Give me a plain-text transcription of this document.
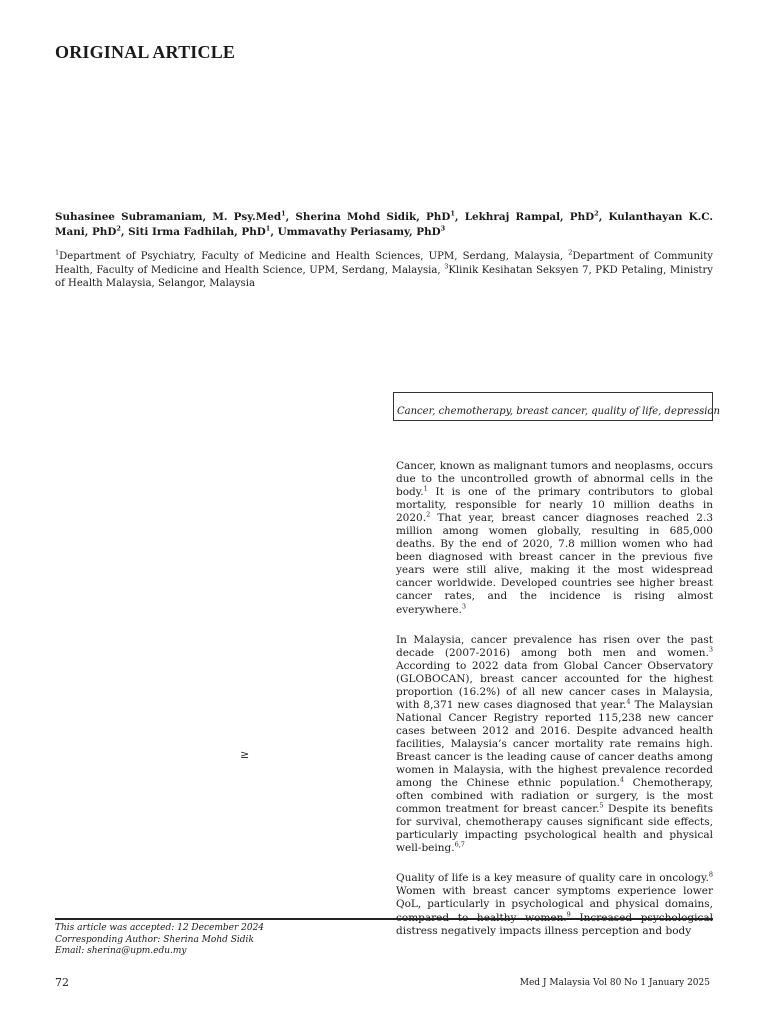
ORIGINAL ARTICLE
Suhasinee Subramaniam, M. Psy.Med$^1$, Sherina Mohd Sidik, PhD$^1$, Lekhraj Rampal, PhD$^2$, Kulanthayan K.C. Mani, PhD$^2$, Siti Irma Fadhilah, PhD$^1$, Ummavathy Periasamy, PhD$^3$
$^1$Department of Psychiatry, Faculty of Medicine and Health Sciences, UPM, Serdang, Malaysia, $^2$Department of Community Health, Faculty of Medicine and Health Science, UPM, Serdang, Malaysia, $^3$Klinik Kesihatan Seksyen 7, PKD Petaling, Ministry of Health Malaysia, Selangor, Malaysia
Cancer, chemotherapy, breast cancer, quality of life, depression
≥

Cancer, known as malignant tumors and neoplasms, occurs due to the uncontrolled growth of abnormal cells in the body.$^1$ It is one of the primary contributors to global mortality, responsible for nearly 10 million deaths in 2020.$^2$ That year, breast cancer diagnoses reached 2.3 million among women globally, resulting in 685,000 deaths. By the end of 2020, 7.8 million women who had been diagnosed with breast cancer in the previous five years were still alive, making it the most widespread cancer worldwide. Developed countries see higher breast cancer rates, and the incidence is rising almost everywhere.$^3$

In Malaysia, cancer prevalence has risen over the past decade (2007-2016) among both men and women.$^3$ According to 2022 data from Global Cancer Observatory (GLOBOCAN), breast cancer accounted for the highest proportion (16.2%) of all new cancer cases in Malaysia, with 8,371 new cases diagnosed that year.$^4$ The Malaysian National Cancer Registry reported 115,238 new cancer cases between 2012 and 2016. Despite advanced health facilities, Malaysia’s cancer mortality rate remains high. Breast cancer is the leading cause of cancer deaths among women in Malaysia, with the highest prevalence recorded among the Chinese ethnic population.$^4$ Chemotherapy, often combined with radiation or surgery, is the most common treatment for breast cancer.$^5$ Despite its benefits for survival, chemotherapy causes significant side effects, particularly impacting psychological health and physical well-being.$^{6,7}$

Quality of life is a key measure of quality care in oncology.$^8$ Women with breast cancer symptoms experience lower QoL, particularly in psychological and physical domains, $^9$ distress negatively impacts illness perception and body

This article was accepted: 12 December 2024
Corresponding Author: Sherina Mohd Sidik
Email: sherina@upm.edu.my
72	Med J Malaysia Vol 80 No 1 January 2025
